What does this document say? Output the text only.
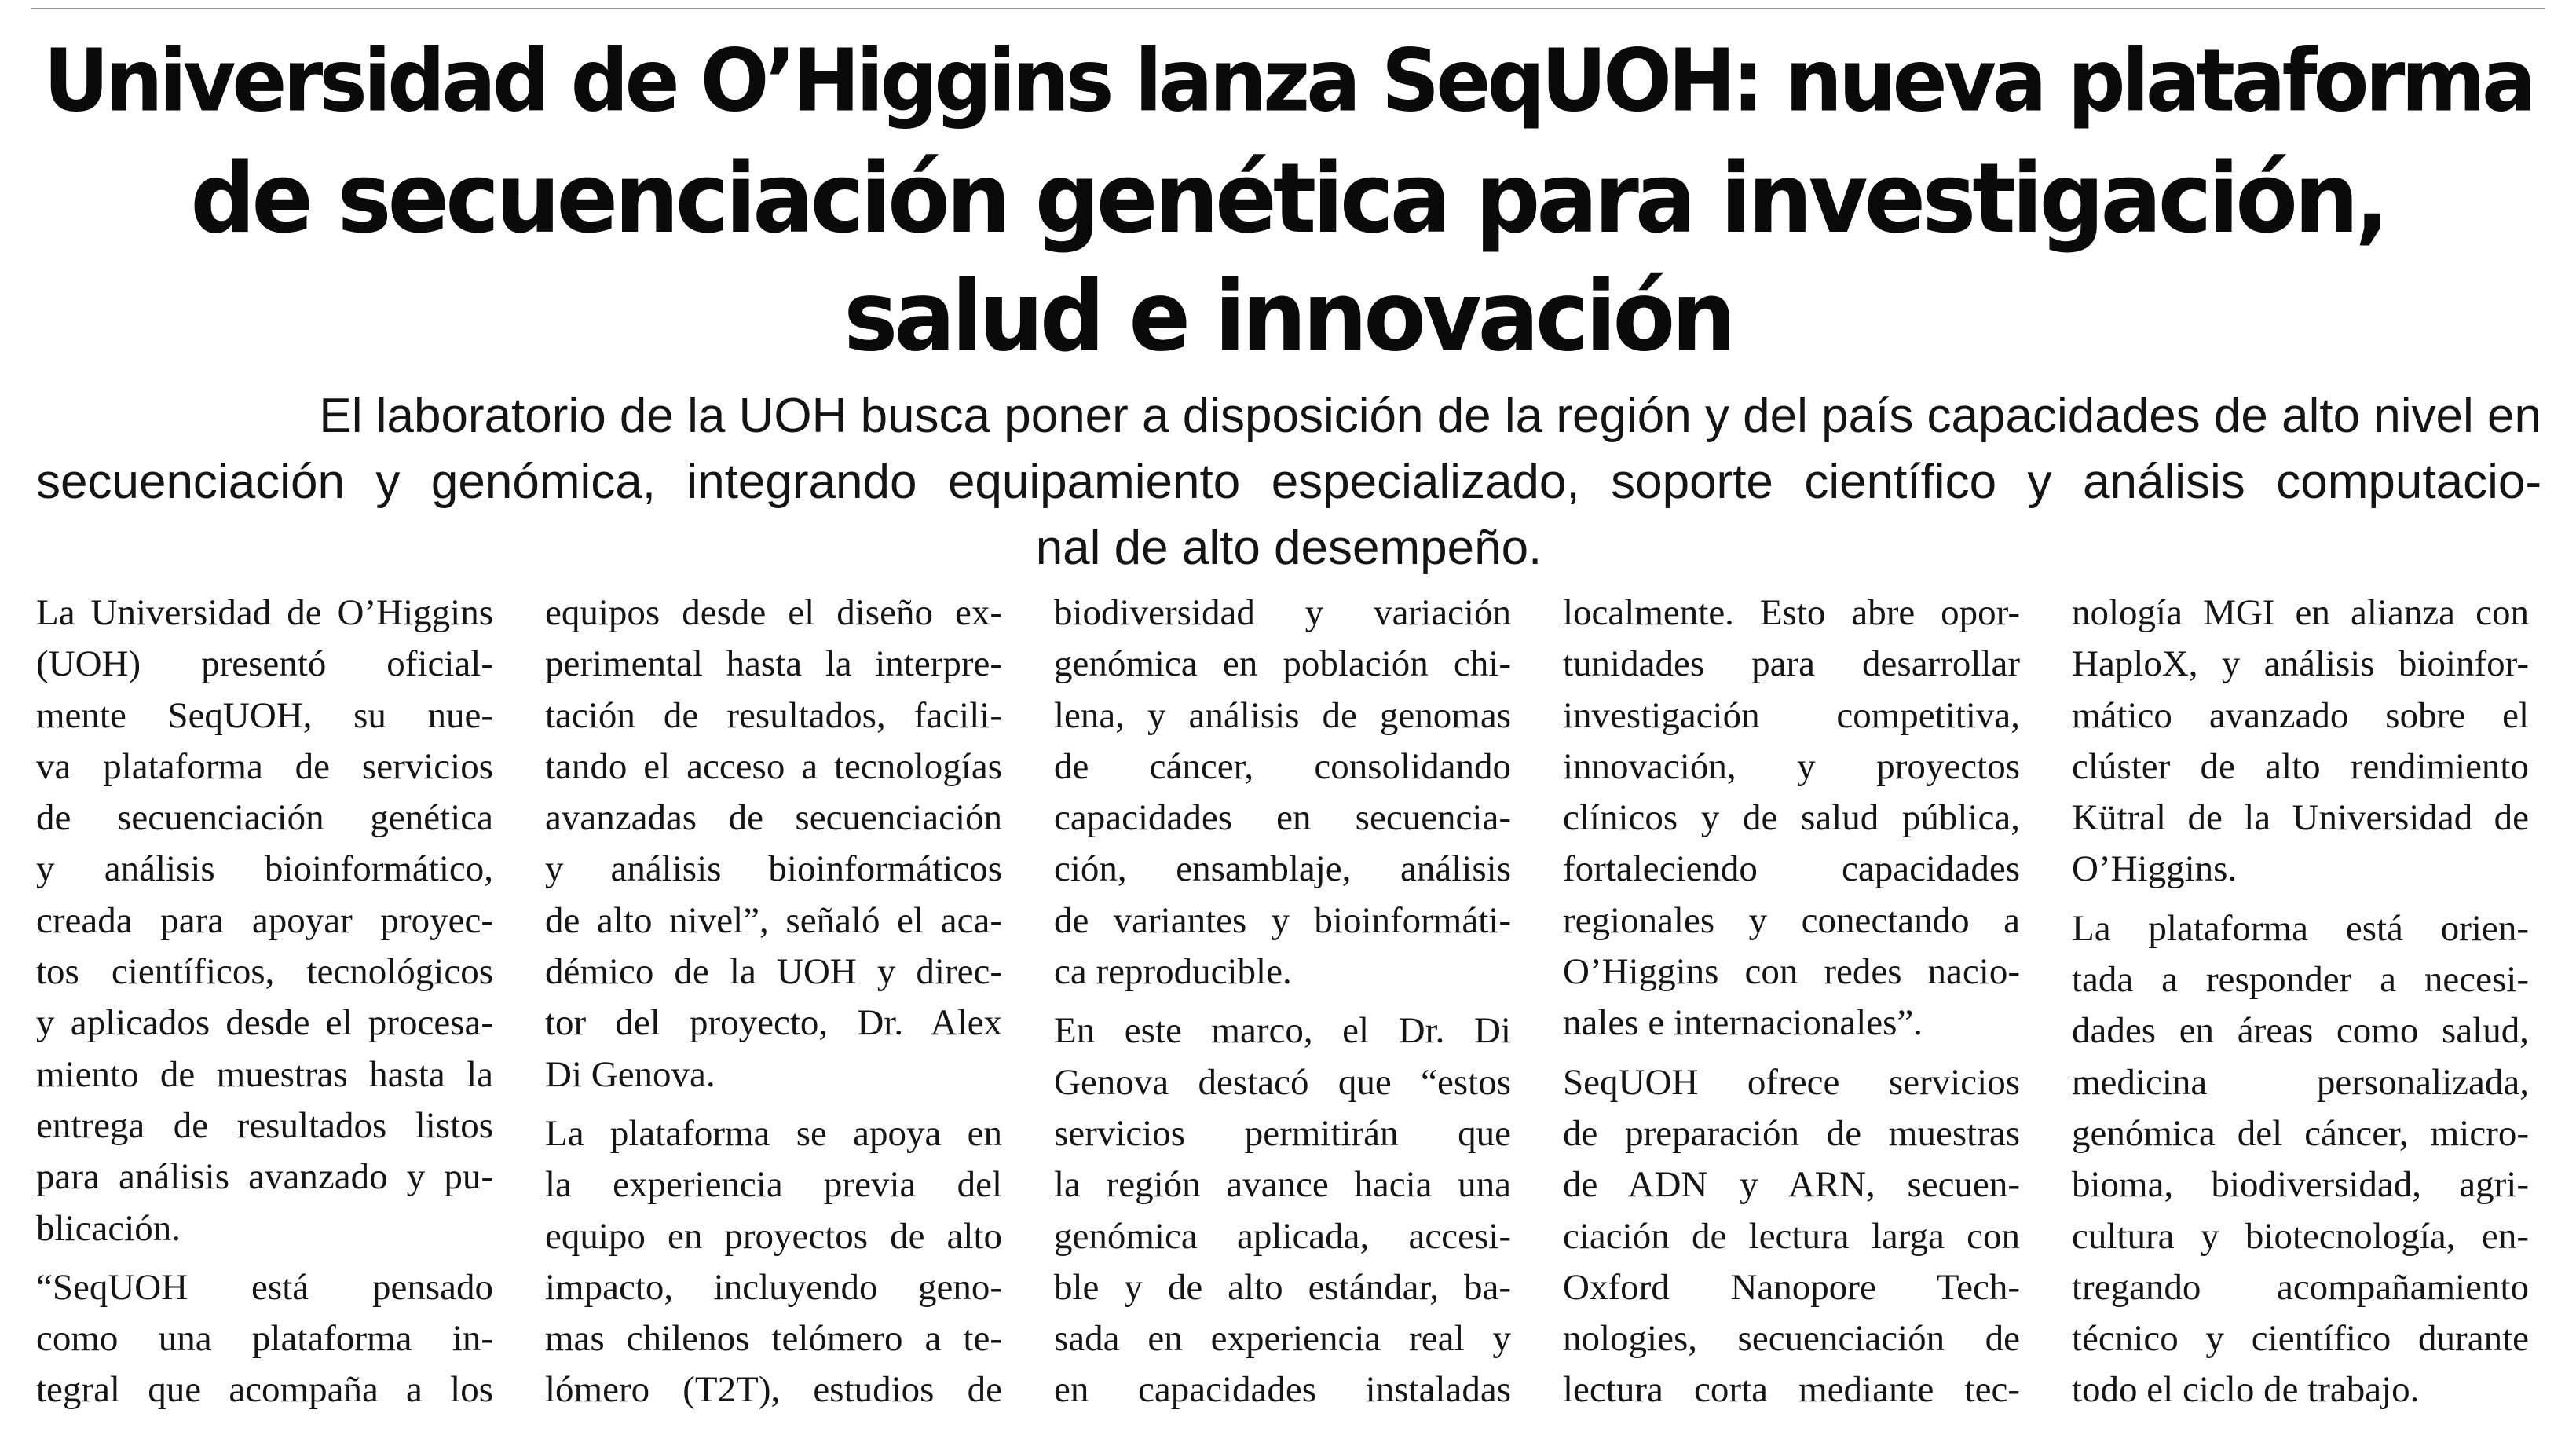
Universidad de O’Higgins lanza SeqUOH: nueva plataforma
de secuenciación genética para investigación,
salud e innovación

El laboratorio de la UOH busca poner a disposición de la región y del país capacidades de alto nivel en
secuenciación y genómica, integrando equipamiento especializado, soporte científico y análisis computacio-
nal de alto desempeño.

La Universidad de O’Higgins
(UOH) presentó oficial-
mente SeqUOH, su nue-
va plataforma de servicios
de secuenciación genética
y análisis bioinformático,
creada para apoyar proyec-
tos científicos, tecnológicos
y aplicados desde el procesa-
miento de muestras hasta la
entrega de resultados listos
para análisis avanzado y pu-
blicación.
“SeqUOH está pensado
como una plataforma in-
tegral que acompaña a los
equipos desde el diseño ex-
perimental hasta la interpre-
tación de resultados, facili-
tando el acceso a tecnologías
avanzadas de secuenciación
y análisis bioinformáticos
de alto nivel”, señaló el aca-
démico de la UOH y direc-
tor del proyecto, Dr. Alex
Di Genova.
La plataforma se apoya en
la experiencia previa del
equipo en proyectos de alto
impacto, incluyendo geno-
mas chilenos telómero a te-
lómero (T2T), estudios de
biodiversidad y variación
genómica en población chi-
lena, y análisis de genomas
de cáncer, consolidando
capacidades en secuencia-
ción, ensamblaje, análisis
de variantes y bioinformáti-
ca reproducible.
En este marco, el Dr. Di
Genova destacó que “estos
servicios permitirán que
la región avance hacia una
genómica aplicada, accesi-
ble y de alto estándar, ba-
sada en experiencia real y
en capacidades instaladas
localmente. Esto abre opor-
tunidades para desarrollar
investigación competitiva,
innovación, y proyectos
clínicos y de salud pública,
fortaleciendo capacidades
regionales y conectando a
O’Higgins con redes nacio-
nales e internacionales”.
SeqUOH ofrece servicios
de preparación de muestras
de ADN y ARN, secuen-
ciación de lectura larga con
Oxford Nanopore Tech-
nologies, secuenciación de
lectura corta mediante tec-
nología MGI en alianza con
HaploX, y análisis bioinfor-
mático avanzado sobre el
clúster de alto rendimiento
Kütral de la Universidad de
O’Higgins.
La plataforma está orien-
tada a responder a necesi-
dades en áreas como salud,
medicina personalizada,
genómica del cáncer, micro-
bioma, biodiversidad, agri-
cultura y biotecnología, en-
tregando acompañamiento
técnico y científico durante
todo el ciclo de trabajo.
